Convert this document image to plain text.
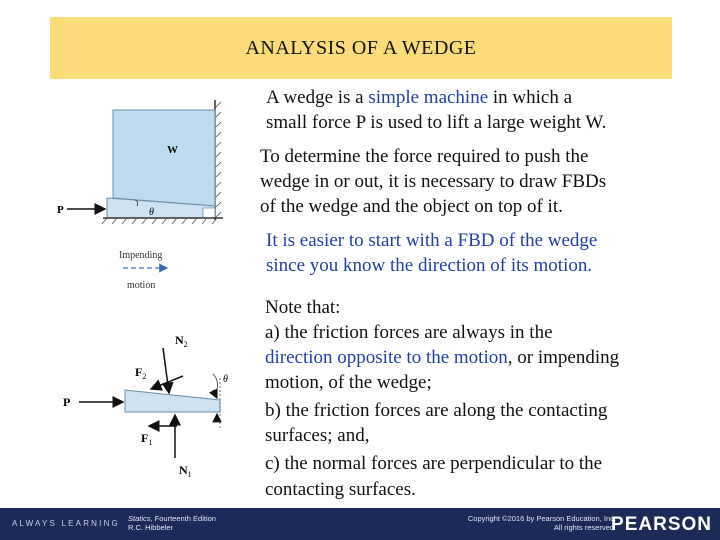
ANALYSIS OF A WEDGE
A wedge is a simple machine in which a
small force P is used to lift a large weight W.
To determine the force required to push the
wedge in or out, it is necessary to draw FBDs
of the wedge and the object on top of it.
It is easier to start with a FBD of the wedge
since you know the direction of its motion.
Note that:
a) the friction forces are always in the
direction opposite to the motion, or impending
motion, of the wedge;
b) the friction forces are along the contacting
surfaces; and,
c) the normal forces are perpendicular to the
contacting surfaces.
W
θ
P
Impending
motion
$N_2$
$F_2$	θ
P
$F_1$
$N_1$
ALWAYS LEARNING
Statics, Fourteenth Edition
R.C. Hibbeler
Copyright ©2016 by Pearson Education, Inc.
All rights reserved.
PEARSON
